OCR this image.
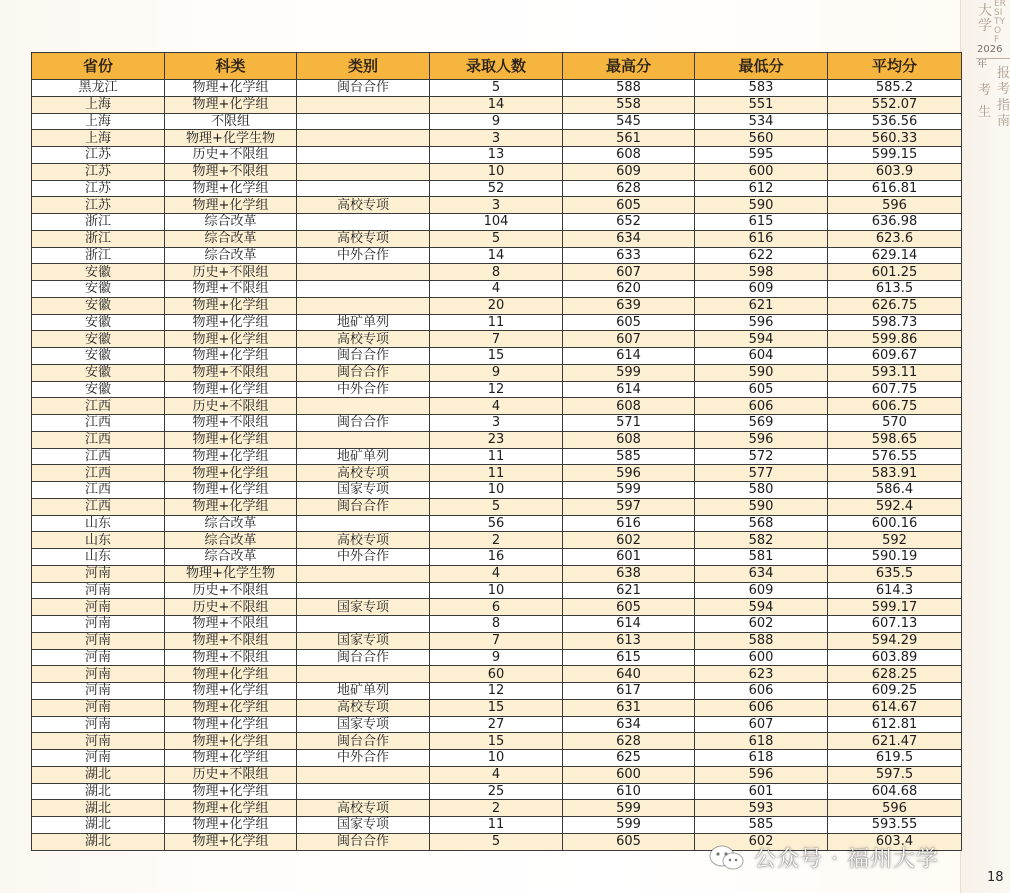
大学
ERSITY OF
2026年
考生
报考指南
省份	科类	类别	录取人数	最高分	最低分	平均分
黑龙江	物理+化学组	闽台合作	5	588	583	585.2
上海	物理+化学组		14	558	551	552.07
上海	不限组		9	545	534	536.56
上海	物理+化学生物		3	561	560	560.33
江苏	历史+不限组		13	608	595	599.15
江苏	物理+不限组		10	609	600	603.9
江苏	物理+化学组		52	628	612	616.81
江苏	物理+化学组	高校专项	3	605	590	596
浙江	综合改革		104	652	615	636.98
浙江	综合改革	高校专项	5	634	616	623.6
浙江	综合改革	中外合作	14	633	622	629.14
安徽	历史+不限组		8	607	598	601.25
安徽	物理+不限组		4	620	609	613.5
安徽	物理+化学组		20	639	621	626.75
安徽	物理+化学组	地矿单列	11	605	596	598.73
安徽	物理+化学组	高校专项	7	607	594	599.86
安徽	物理+化学组	闽台合作	15	614	604	609.67
安徽	物理+不限组	闽台合作	9	599	590	593.11
安徽	物理+化学组	中外合作	12	614	605	607.75
江西	历史+不限组		4	608	606	606.75
江西	物理+不限组	闽台合作	3	571	569	570
江西	物理+化学组		23	608	596	598.65
江西	物理+化学组	地矿单列	11	585	572	576.55
江西	物理+化学组	高校专项	11	596	577	583.91
江西	物理+化学组	国家专项	10	599	580	586.4
江西	物理+化学组	闽台合作	5	597	590	592.4
山东	综合改革		56	616	568	600.16
山东	综合改革	高校专项	2	602	582	592
山东	综合改革	中外合作	16	601	581	590.19
河南	物理+化学生物		4	638	634	635.5
河南	历史+不限组		10	621	609	614.3
河南	历史+不限组	国家专项	6	605	594	599.17
河南	物理+不限组		8	614	602	607.13
河南	物理+不限组	国家专项	7	613	588	594.29
河南	物理+不限组	闽台合作	9	615	600	603.89
河南	物理+化学组		60	640	623	628.25
河南	物理+化学组	地矿单列	12	617	606	609.25
河南	物理+化学组	高校专项	15	631	606	614.67
河南	物理+化学组	国家专项	27	634	607	612.81
河南	物理+化学组	闽台合作	15	628	618	621.47
河南	物理+化学组	中外合作	10	625	618	619.5
湖北	历史+不限组		4	600	596	597.5
湖北	物理+化学组		25	610	601	604.68
湖北	物理+化学组	高校专项	2	599	593	596
湖北	物理+化学组	国家专项	11	599	585	593.55
湖北	物理+化学组	闽台合作	5	605	602	603.4
公众号 · 福州大学
18
